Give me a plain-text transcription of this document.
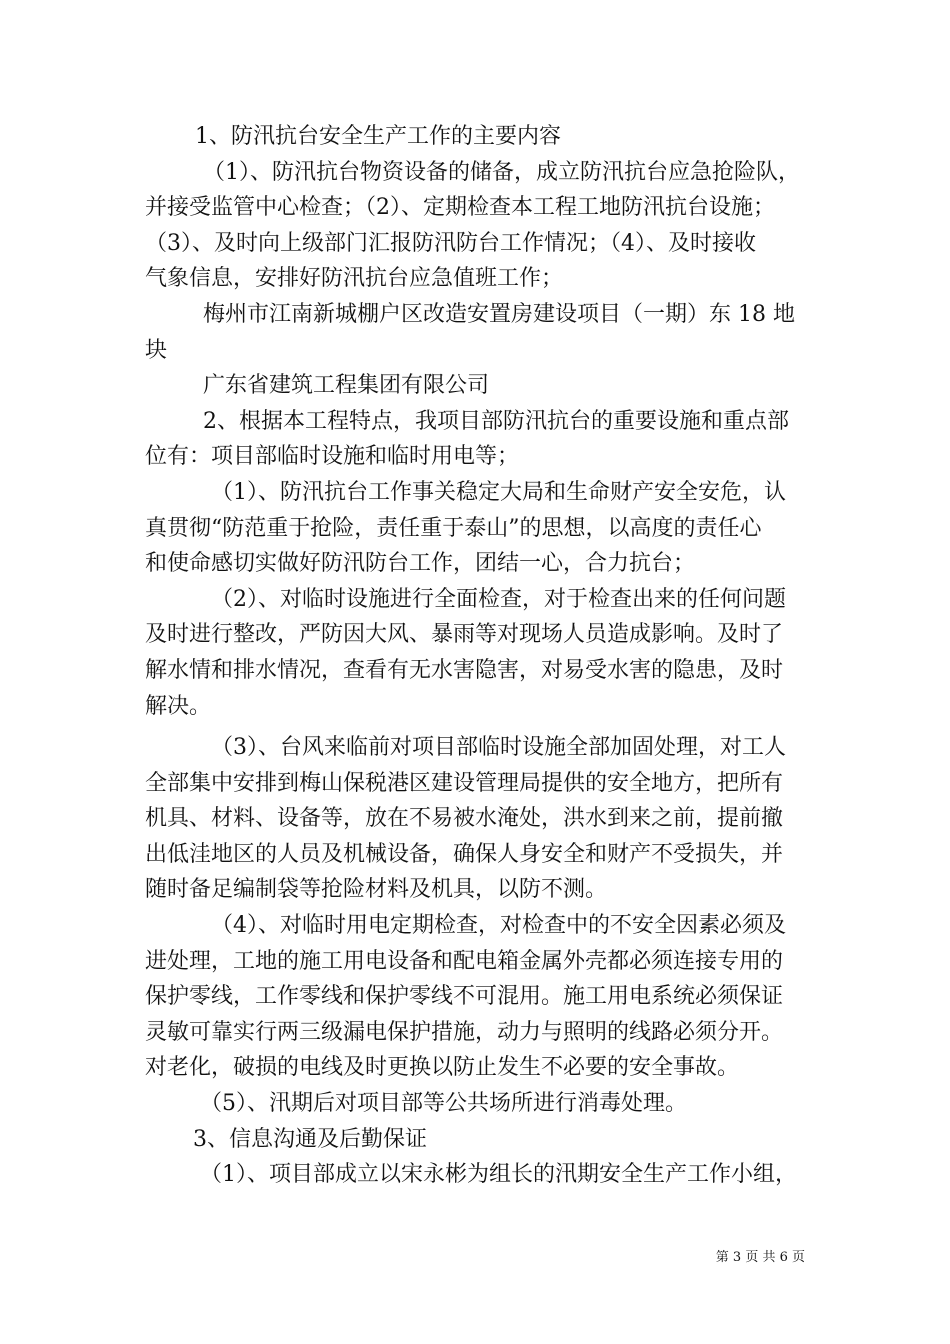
1、防汛抗台安全生产工作的主要内容
（1）、防汛抗台物资设备的储备，成立防汛抗台应急抢险队，
并接受监管中心检查；（2）、定期检查本工程工地防汛抗台设施；
（3）、及时向上级部门汇报防汛防台工作情况；（4）、及时接收
气象信息，安排好防汛抗台应急值班工作；
梅州市江南新城棚户区改造安置房建设项目（一期）东 18 地
块
广东省建筑工程集团有限公司
2、根据本工程特点，我项目部防汛抗台的重要设施和重点部
位有：项目部临时设施和临时用电等；
（1）、防汛抗台工作事关稳定大局和生命财产安全安危，认
真贯彻“防范重于抢险，责任重于泰山”的思想，以高度的责任心
和使命感切实做好防汛防台工作，团结一心，合力抗台；
（2）、对临时设施进行全面检查，对于检查出来的任何问题
及时进行整改，严防因大风、暴雨等对现场人员造成影响。及时了
解水情和排水情况，查看有无水害隐害，对易受水害的隐患，及时
解决。
（3）、台风来临前对项目部临时设施全部加固处理，对工人
全部集中安排到梅山保税港区建设管理局提供的安全地方，把所有
机具、材料、设备等，放在不易被水淹处，洪水到来之前，提前撤
出低洼地区的人员及机械设备，确保人身安全和财产不受损失，并
随时备足编制袋等抢险材料及机具，以防不测。
（4）、对临时用电定期检查，对检查中的不安全因素必须及
进处理，工地的施工用电设备和配电箱金属外壳都必须连接专用的
保护零线，工作零线和保护零线不可混用。施工用电系统必须保证
灵敏可靠实行两三级漏电保护措施，动力与照明的线路必须分开。
对老化，破损的电线及时更换以防止发生不必要的安全事故。
（5）、汛期后对项目部等公共场所进行消毒处理。
3、信息沟通及后勤保证
（1）、项目部成立以宋永彬为组长的汛期安全生产工作小组，
第 3 页 共 6 页
